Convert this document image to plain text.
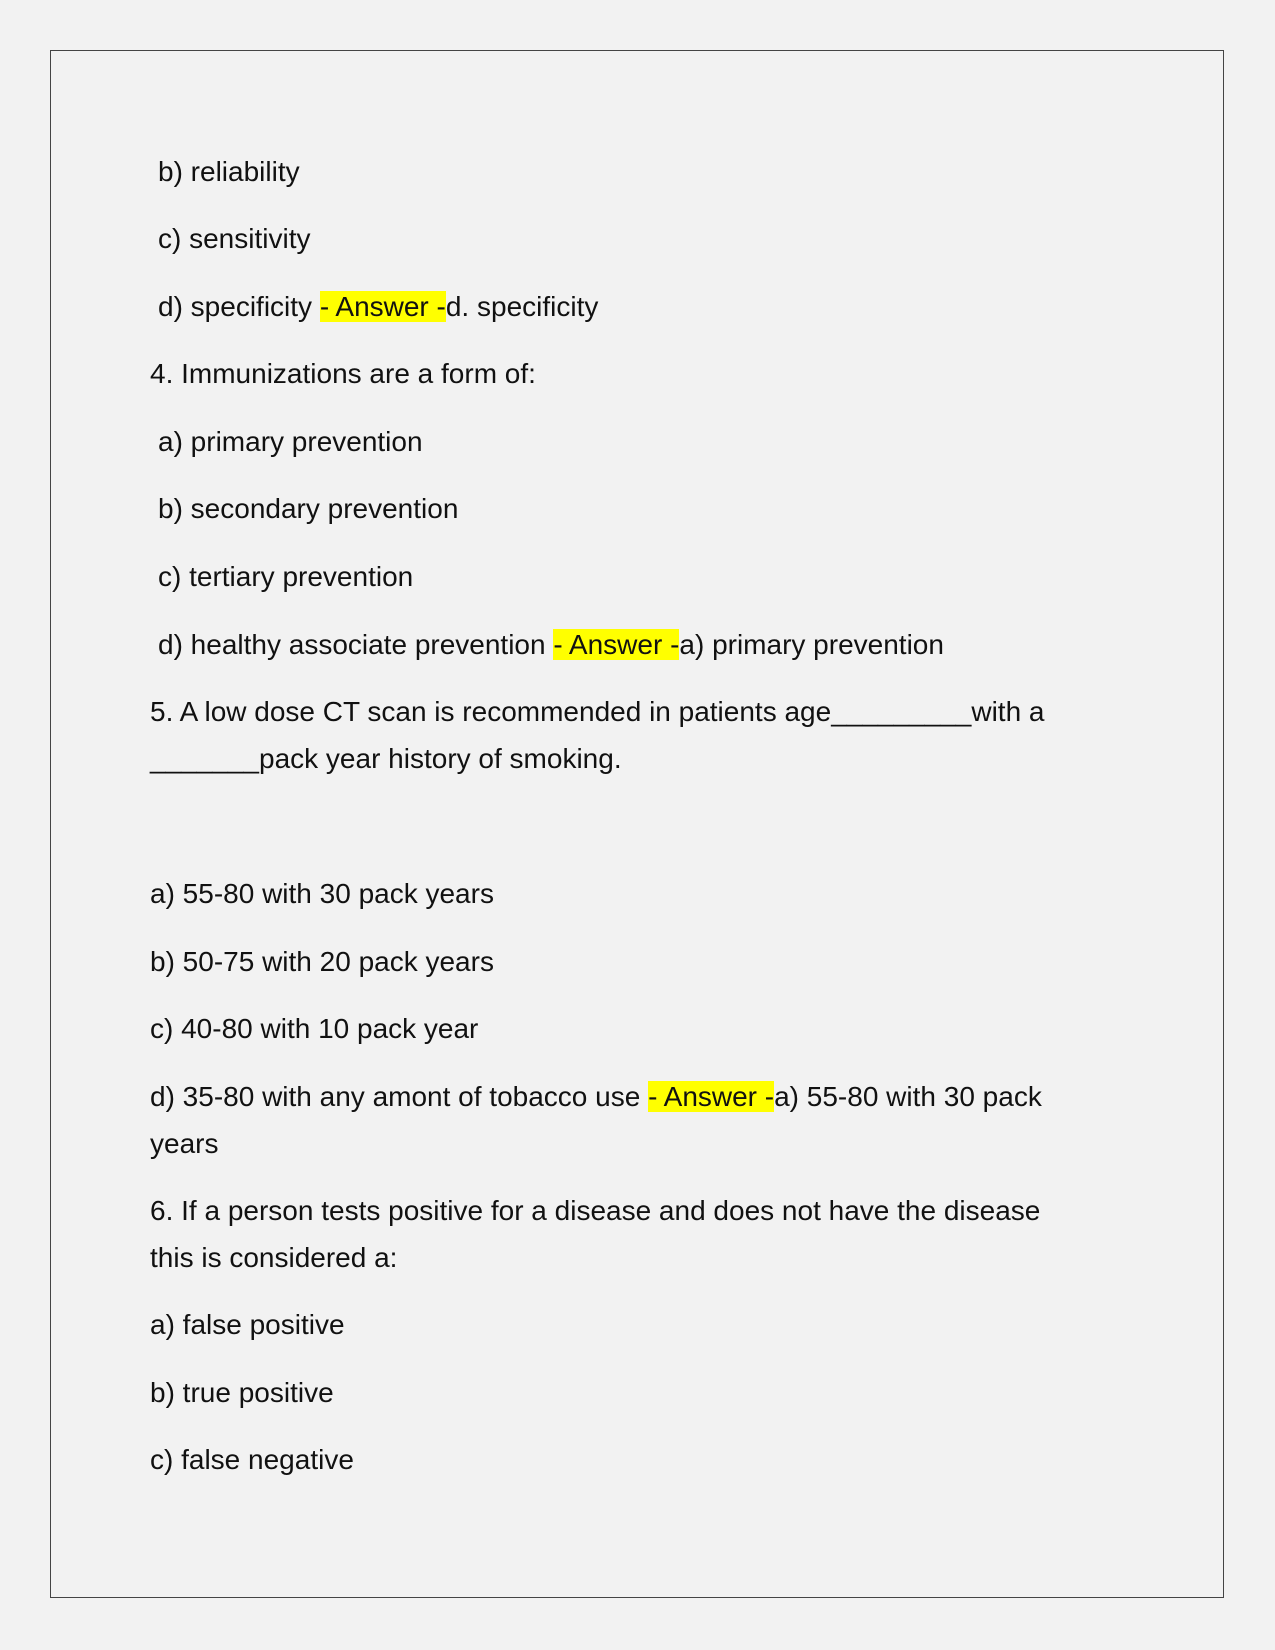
b) reliability
c) sensitivity
d) specificity - Answer -d. specificity
4. Immunizations are a form of:
a) primary prevention
b) secondary prevention
c) tertiary prevention
d) healthy associate prevention - Answer -a) primary prevention
5. A low dose CT scan is recommended in patients age_________with a
_______pack year history of smoking.
a) 55-80 with 30 pack years
b) 50-75 with 20 pack years
c) 40-80 with 10 pack year
d) 35-80 with any amont of tobacco use - Answer -a) 55-80 with 30 pack
years
6. If a person tests positive for a disease and does not have the disease
this is considered a:
a) false positive
b) true positive
c) false negative
